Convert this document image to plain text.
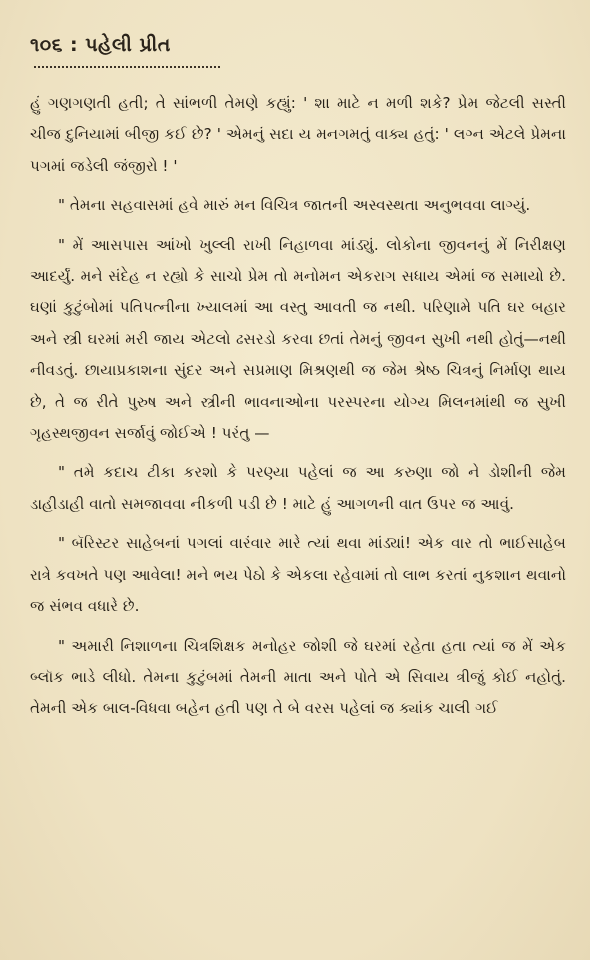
૧૦૬ : પહેલી પ્રીત

હું ગણગણતી હતી; તે સાંભળી તેમણે કહ્યું: ' શા માટે ન મળી શકે? પ્રેમ જેટલી સસ્તી ચીજ દુનિયામાં બીજી કઈ છે? ' એમનું સદા ય મનગમતું વાક્ય હતું: ' લગ્ન એટલે પ્રેમના પગમાં જડેલી જંજીરો ! '

" તેમના સહવાસમાં હવે મારું મન વિચિત્ર જાતની અસ્વસ્થતા અનુભવવા લાગ્યું.

" મેં આસપાસ આંખો ખુલ્લી રાખી નિહાળવા માંડ્યું. લોકોના જીવનનું મેં નિરીક્ષણ આદર્યું. મને સંદેહ ન રહ્યો કે સાચો પ્રેમ તો મનોમન એકરાગ સધાય એમાં જ સમાયો છે. ઘણાં કુટુંબોમાં પતિપત્નીના ખ્યાલમાં આ વસ્તુ આવતી જ નથી. પરિણામે પતિ ઘર બહાર અને સ્ત્રી ઘરમાં મરી જાય એટલો ઢસરડો કરવા છતાં તેમનું જીવન સુખી નથી હોતું—નથી નીવડતું. છાયાપ્રકાશના સુંદર અને સપ્રમાણ મિશ્રણથી જ જેમ શ્રેષ્ઠ ચિત્રનું નિર્માણ થાય છે, તે જ રીતે પુરુષ અને સ્ત્રીની ભાવનાઓના પરસ્પરના યોગ્ય મિલનમાંથી જ સુખી ગૃહસ્થજીવન સર્જાવું જોઈએ ! પરંતુ —

" તમે કદાચ ટીકા કરશો કે પરણ્યા પહેલાં જ આ કરુણા જો ને ડોશીની જેમ ડાહીડાહી વાતો સમજાવવા નીકળી પડી છે ! માટે હું આગળની વાત ઉપર જ આવું.

" બૅરિસ્ટર સાહેબનાં પગલાં વારંવાર મારે ત્યાં થવા માંડ્યાં! એક વાર તો ભાઈસાહેબ રાત્રે કવખતે પણ આવેલા! મને ભય પેઠો કે એકલા રહેવામાં તો લાભ કરતાં નુકશાન થવાનો જ સંભવ વધારે છે.

" અમારી નિશાળના ચિત્રશિક્ષક મનોહર જોશી જે ઘરમાં રહેતા હતા ત્યાં જ મેં એક બ્લૉક ભાડે લીધો. તેમના કુટુંબમાં તેમની માતા અને પોતે એ સિવાય ત્રીજું કોઈ નહોતું. તેમની એક બાલ-વિધવા બહેન હતી પણ તે બે વરસ પહેલાં જ ક્યાંક ચાલી ગઈ
